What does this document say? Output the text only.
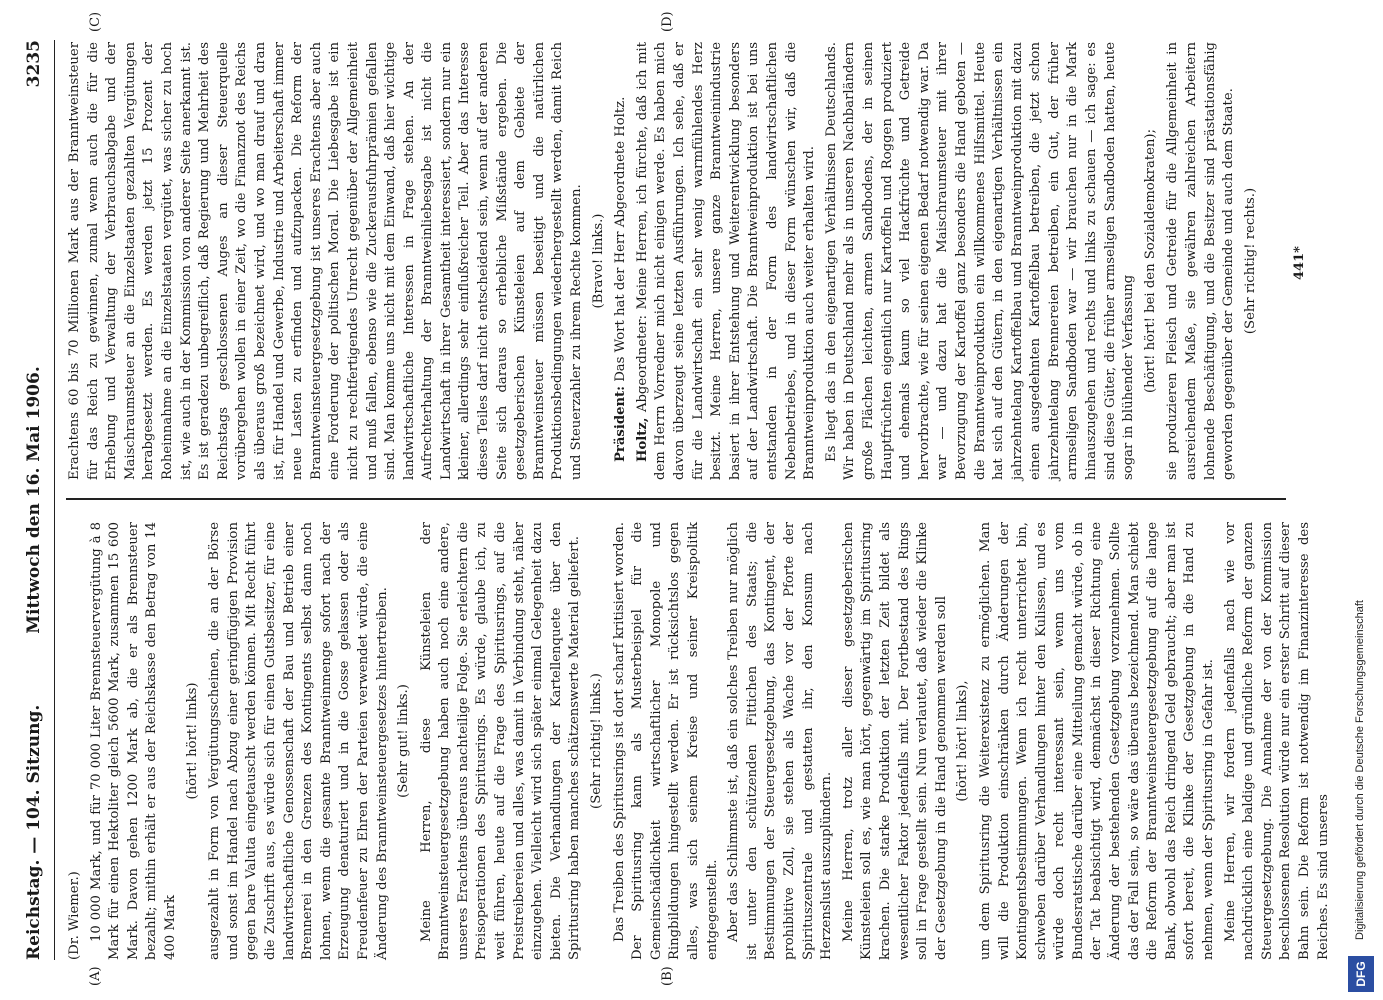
Reichstag. — 104. Sitzung.
Mittwoch den 16. Mai 1906.
3235
(A)	(B)
(C)	(D)

(Dr. Wiemer.) 10 000 Mark, und für 70 000 Liter Brennsteuervergütung à 8 Mark für einen Hektoliter gleich 5600 Mark, zusammen 15 600 Mark. Davon gehen 1200 Mark ab, die er als Brennsteuer bezahlt; mithin erhält er aus der Reichskasse den Betrag von 14 400 Mark

(hört! hört! links) ausgezahlt in Form von Vergütungsscheinen, die an der Börse und sonst im Handel nach Abzug einer geringfügigen Provision gegen bare Valuta eingetauscht werden können. Mit Recht führt die Zuschrift aus, es würde sich für einen Gutsbesitzer, für eine landwirtschaftliche Genossenschaft der Bau und Betrieb einer Brennerei in den Grenzen des Kontingents selbst dann noch lohnen, wenn die gesamte Branntweinmenge sofort nach der Erzeugung denaturiert und in die Gosse gelassen oder als Freudenfeuer zu Ehren der Parteien verwendet würde, die eine Änderung des Branntweinsteuergesetzes hintertreiben. (Sehr gut! links.) Meine Herren, diese Künsteleien der Branntweinsteuergesetzgebung haben auch noch eine andere, unseres Erachtens überaus nachteilige Folge. Sie erleichtern die Preisoperationen des Spiritusrings. Es würde, glaube ich, zu weit führen, heute auf die Frage des Spiritusrings, auf die Preistreibereien und alles, was damit in Verbindung steht, näher einzugehen. Vielleicht wird sich später einmal Gelegenheit dazu bieten. Die Verhandlungen der Kartellenquete über den Spiritusring haben manches schätzenswerte Material geliefert. (Sehr richtig! links.) Das Treiben des Spiritusrings ist dort scharf kritisiert worden. Der Spiritusring kann als Musterbeispiel für die Gemeinschädlichkeit wirtschaftlicher Monopole und Ringbildungen hingestellt werden. Er ist rücksichtslos gegen alles, was sich seinem Kreise und seiner Kreispolitik entgegenstellt. Aber das Schlimmste ist, daß ein solches Treiben nur möglich ist unter den schützenden Fittichen des Staats; die Bestimmungen der Steuergesetzgebung, das Kontingent, der prohibitive Zoll, sie stehen als Wache vor der Pforte der Spirituszentrale und gestatten ihr, den Konsum nach Herzenslust auszuplündern. Meine Herren, trotz aller dieser gesetzgeberischen Künsteleien soll es, wie man hört, gegenwärtig im Spiritusring krachen. Die starke Produktion der letzten Zeit bildet als wesentlicher Faktor jedenfalls mit. Der Fortbestand des Rings soll in Frage gestellt sein. Nun verlautet, daß wieder die Klinke der Gesetzgebung in die Hand genommen werden soll (hört! hört! links), um dem Spiritusring die Weiterexistenz zu ermöglichen. Man will die Produktion einschränken durch Änderungen der Kontingentsbestimmungen. Wenn ich recht unterrichtet bin, schweben darüber Verhandlungen hinter den Kulissen, und es würde doch recht interessant sein, wenn uns vom Bundesratstische darüber eine Mitteilung gemacht würde, ob in der Tat beabsichtigt wird, demnächst in dieser Richtung eine Änderung der bestehenden Gesetzgebung vorzunehmen. Sollte das der Fall sein, so wäre das überaus bezeichnend. Man schiebt die Reform der Branntweinsteuergesetzgebung auf die lange Bank, obwohl das Reich dringend Geld gebraucht; aber man ist sofort bereit, die Klinke der Gesetzgebung in die Hand zu nehmen, wenn der Spiritusring in Gefahr ist. Meine Herren, wir fordern jedenfalls nach wie vor nachdrücklich eine baldige und gründliche Reform der ganzen Steuergesetzgebung. Die Annahme der von der Kommission beschlossenen Resolution würde nur ein erster Schritt auf dieser Bahn sein. Die Reform ist notwendig im Finanzinteresse des Reiches. Es sind unseres

Erachtens 60 bis 70 Millionen Mark aus der Branntweinsteuer für das Reich zu gewinnen, zumal wenn auch die für die Erhebung und Verwaltung der Verbrauchsabgabe und der Maischraumsteuer an die Einzelstaaten gezahlten Vergütungen herabgesetzt werden. Es werden jetzt 15 Prozent der Roheinnahme an die Einzelstaaten vergütet, was sicher zu hoch ist, wie auch in der Kommission von anderer Seite anerkannt ist. Es ist geradezu unbegreiflich, daß Regierung und Mehrheit des Reichstags geschlossenen Auges an dieser Steuerquelle vorübergehen wollen in einer Zeit, wo die Finanznot des Reichs als überaus groß bezeichnet wird, und wo man drauf und dran ist, für Handel und Gewerbe, Industrie und Arbeiterschaft immer neue Lasten zu erfinden und aufzupacken. Die Reform der Branntweinsteuergesetzgebung ist unseres Erachtens aber auch eine Forderung der politischen Moral. Die Liebesgabe ist ein nicht zu rechtfertigendes Unrecht gegenüber der Allgemeinheit und muß fallen, ebenso wie die Zuckerausfuhrprämien gefallen sind. Man komme uns nicht mit dem Einwand, daß hier wichtige landwirtschaftliche Interessen in Frage stehen. An der Aufrechterhaltung der Branntweinliebesgabe ist nicht die Landwirtschaft in ihrer Gesamtheit interessiert, sondern nur ein kleiner, allerdings sehr einflußreicher Teil. Aber das Interesse dieses Teiles darf nicht entscheidend sein, wenn auf der anderen Seite sich daraus so erhebliche Mißstände ergeben. Die gesetzgeberischen Künsteleien auf dem Gebiete der Branntweinsteuer müssen beseitigt und die natürlichen Produktionsbedingungen wiederhergestellt werden, damit Reich und Steuerzahler zu ihrem Rechte kommen. (Bravo! links.)

Präsident: Das Wort hat der Herr Abgeordnete Holtz.

Holtz, Abgeordneter: Meine Herren, ich fürchte, daß ich mit dem Herrn Vorredner mich nicht einigen werde. Es haben mich davon überzeugt seine letzten Ausführungen. Ich sehe, daß er für die Landwirtschaft ein sehr wenig warmfühlendes Herz besitzt. Meine Herren, unsere ganze Branntweinindustrie basiert in ihrer Entstehung und Weiterentwicklung besonders auf der Landwirtschaft. Die Branntweinproduktion ist bei uns entstanden in der Form des landwirtschaftlichen Nebenbetriebes, und in dieser Form wünschen wir, daß die Branntweinproduktion auch weiter erhalten wird. Es liegt das in den eigenartigen Verhältnissen Deutschlands. Wir haben in Deutschland mehr als in unseren Nachbarländern große Flächen leichten, armen Sandbodens, der in seinen Hauptfrüchten eigentlich nur Kartoffeln und Roggen produziert und ehemals kaum so viel Hackfrüchte und Getreide hervorbrachte, wie für seinen eigenen Bedarf notwendig war. Da war — und dazu hat die Maischraumsteuer mit ihrer Bevorzugung der Kartoffel ganz besonders die Hand geboten — die Branntweinproduktion ein willkommenes Hilfsmittel. Heute hat sich auf den Gütern, in den eigenartigen Verhältnissen ein jahrzehntelang Kartoffelbau und Branntweinproduktion mit dazu einen ausgedehnten Kartoffelbau betreiben, die jetzt schon jahrzehntelang Brennereien betreiben, ein Gut, der früher armseligen Sandboden war — wir brauchen nur in die Mark hinauszugehen und rechts und links zu schauen — ich sage: es sind diese Güter, die früher armseligen Sandboden hatten, heute sogar in blühender Verfassung (hört! hört! bei den Sozialdemokraten); sie produzieren Fleisch und Getreide für die Allgemeinheit in ausreichendem Maße, sie gewähren zahlreichen Arbeitern lohnende Beschäftigung, und die Besitzer sind prästationsfähig geworden gegenüber der Gemeinde und auch dem Staate. (Sehr richtig! rechts.)	441*
DFG
Digitalisierung gefördert durch die Deutsche Forschungsgemeinschaft
